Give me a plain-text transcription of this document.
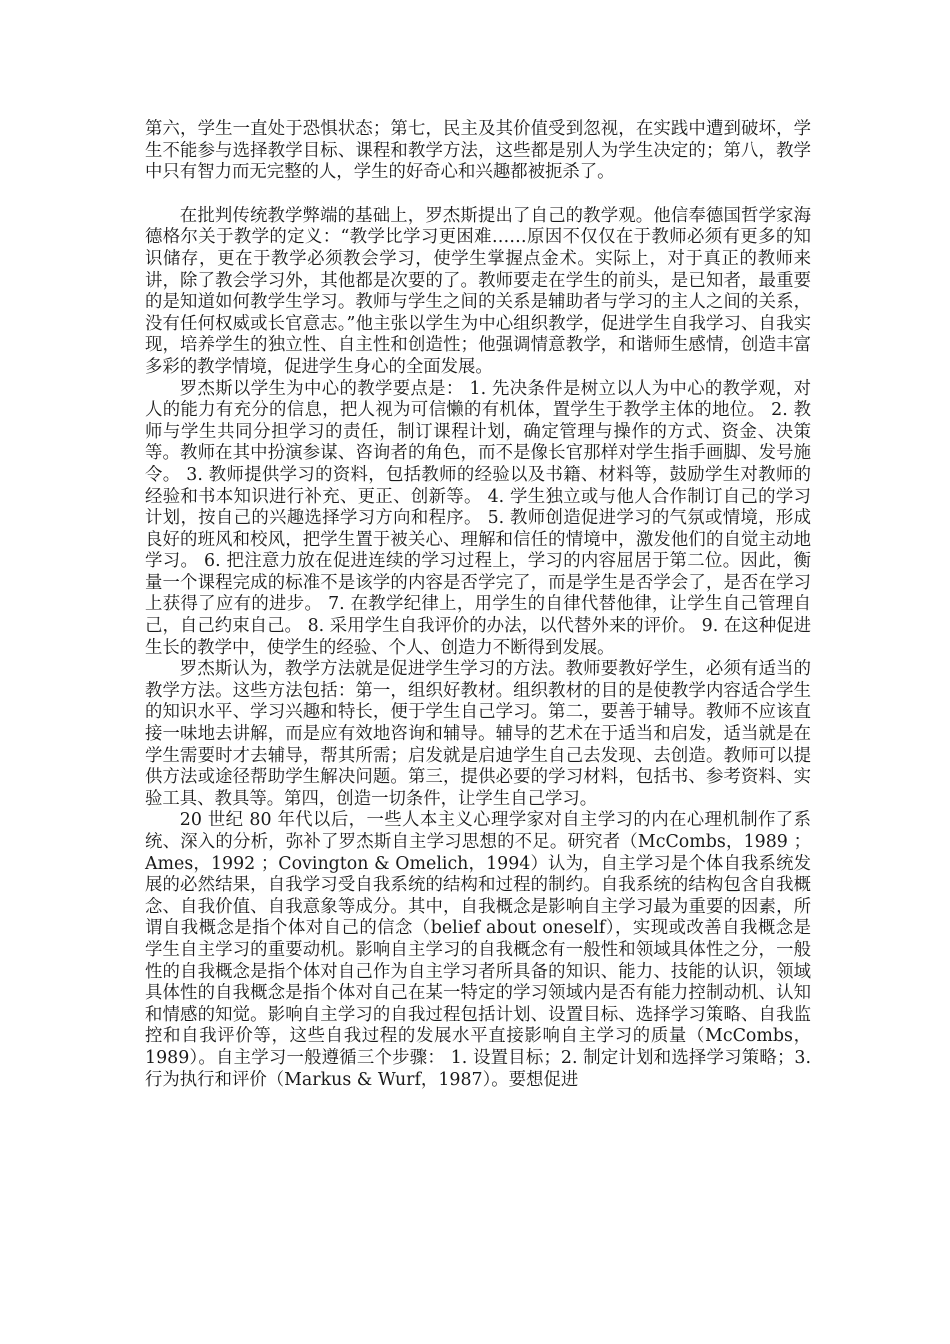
第六，学生一直处于恐惧状态；第七，民主及其价值受到忽视，在实践中遭到破坏，学生不能参与选择教学目标、课程和教学方法，这些都是别人为学生决定的；第八，教学中只有智力而无完整的人，学生的好奇心和兴趣都被扼杀了。

在批判传统教学弊端的基础上，罗杰斯提出了自己的教学观。他信奉德国哲学家海德格尔关于教学的定义：“教学比学习更困难……原因不仅仅在于教师必须有更多的知识储存，更在于教学必须教会学习，使学生掌握点金术。实际上，对于真正的教师来讲，除了教会学习外，其他都是次要的了。教师要走在学生的前头，是已知者，最重要的是知道如何教学生学习。教师与学生之间的关系是辅助者与学习的主人之间的关系，没有任何权威或长官意志。”他主张以学生为中心组织教学，促进学生自我学习、自我实现，培养学生的独立性、自主性和创造性；他强调情意教学，和谐师生感情，创造丰富多彩的教学情境，促进学生身心的全面发展。

罗杰斯以学生为中心的教学要点是： 1. 先决条件是树立以人为中心的教学观，对人的能力有充分的信息，把人视为可信懒的有机体，置学生于教学主体的地位。 2. 教师与学生共同分担学习的责任，制订课程计划，确定管理与操作的方式、资金、决策等。教师在其中扮演参谋、咨询者的角色，而不是像长官那样对学生指手画脚、发号施令。 3. 教师提供学习的资料，包括教师的经验以及书籍、材料等，鼓励学生对教师的经验和书本知识进行补充、更正、创新等。 4. 学生独立或与他人合作制订自己的学习计划，按自己的兴趣选择学习方向和程序。 5. 教师创造促进学习的气氛或情境，形成良好的班风和校风，把学生置于被关心、理解和信任的情境中，激发他们的自觉主动地学习。 6. 把注意力放在促进连续的学习过程上，学习的内容屈居于第二位。因此，衡量一个课程完成的标准不是该学的内容是否学完了，而是学生是否学会了，是否在学习上获得了应有的进步。 7. 在教学纪律上，用学生的自律代替他律，让学生自己管理自己，自己约束自己。 8. 采用学生自我评价的办法，以代替外来的评价。 9. 在这种促进生长的教学中，使学生的经验、个人、创造力不断得到发展。

罗杰斯认为，教学方法就是促进学生学习的方法。教师要教好学生，必须有适当的教学方法。这些方法包括：第一，组织好教材。组织教材的目的是使教学内容适合学生的知识水平、学习兴趣和特长，便于学生自己学习。第二，要善于辅导。教师不应该直接一味地去讲解，而是应有效地咨询和辅导。辅导的艺术在于适当和启发，适当就是在学生需要时才去辅导，帮其所需；启发就是启迪学生自己去发现、去创造。教师可以提供方法或途径帮助学生解决问题。第三，提供必要的学习材料，包括书、参考资料、实验工具、教具等。第四，创造一切条件，让学生自己学习。

20 世纪 80 年代以后，一些人本主义心理学家对自主学习的内在心理机制作了系统、深入的分析，弥补了罗杰斯自主学习思想的不足。研究者（McCombs，1989 ；Ames，1992 ；Covington & Omelich，1994）认为，自主学习是个体自我系统发展的必然结果，自我学习受自我系统的结构和过程的制约。自我系统的结构包含自我概念、自我价值、自我意象等成分。其中，自我概念是影响自主学习最为重要的因素，所谓自我概念是指个体对自己的信念（belief about oneself），实现或改善自我概念是学生自主学习的重要动机。影响自主学习的自我概念有一般性和领域具体性之分，一般性的自我概念是指个体对自己作为自主学习者所具备的知识、能力、技能的认识，领域具体性的自我概念是指个体对自己在某一特定的学习领域内是否有能力控制动机、认知和情感的知觉。影响自主学习的自我过程包括计划、设置目标、选择学习策略、自我监控和自我评价等，这些自我过程的发展水平直接影响自主学习的质量（McCombs，1989）。自主学习一般遵循三个步骤： 1. 设置目标；2. 制定计划和选择学习策略；3. 行为执行和评价（Markus & Wurf，1987）。要想促进
